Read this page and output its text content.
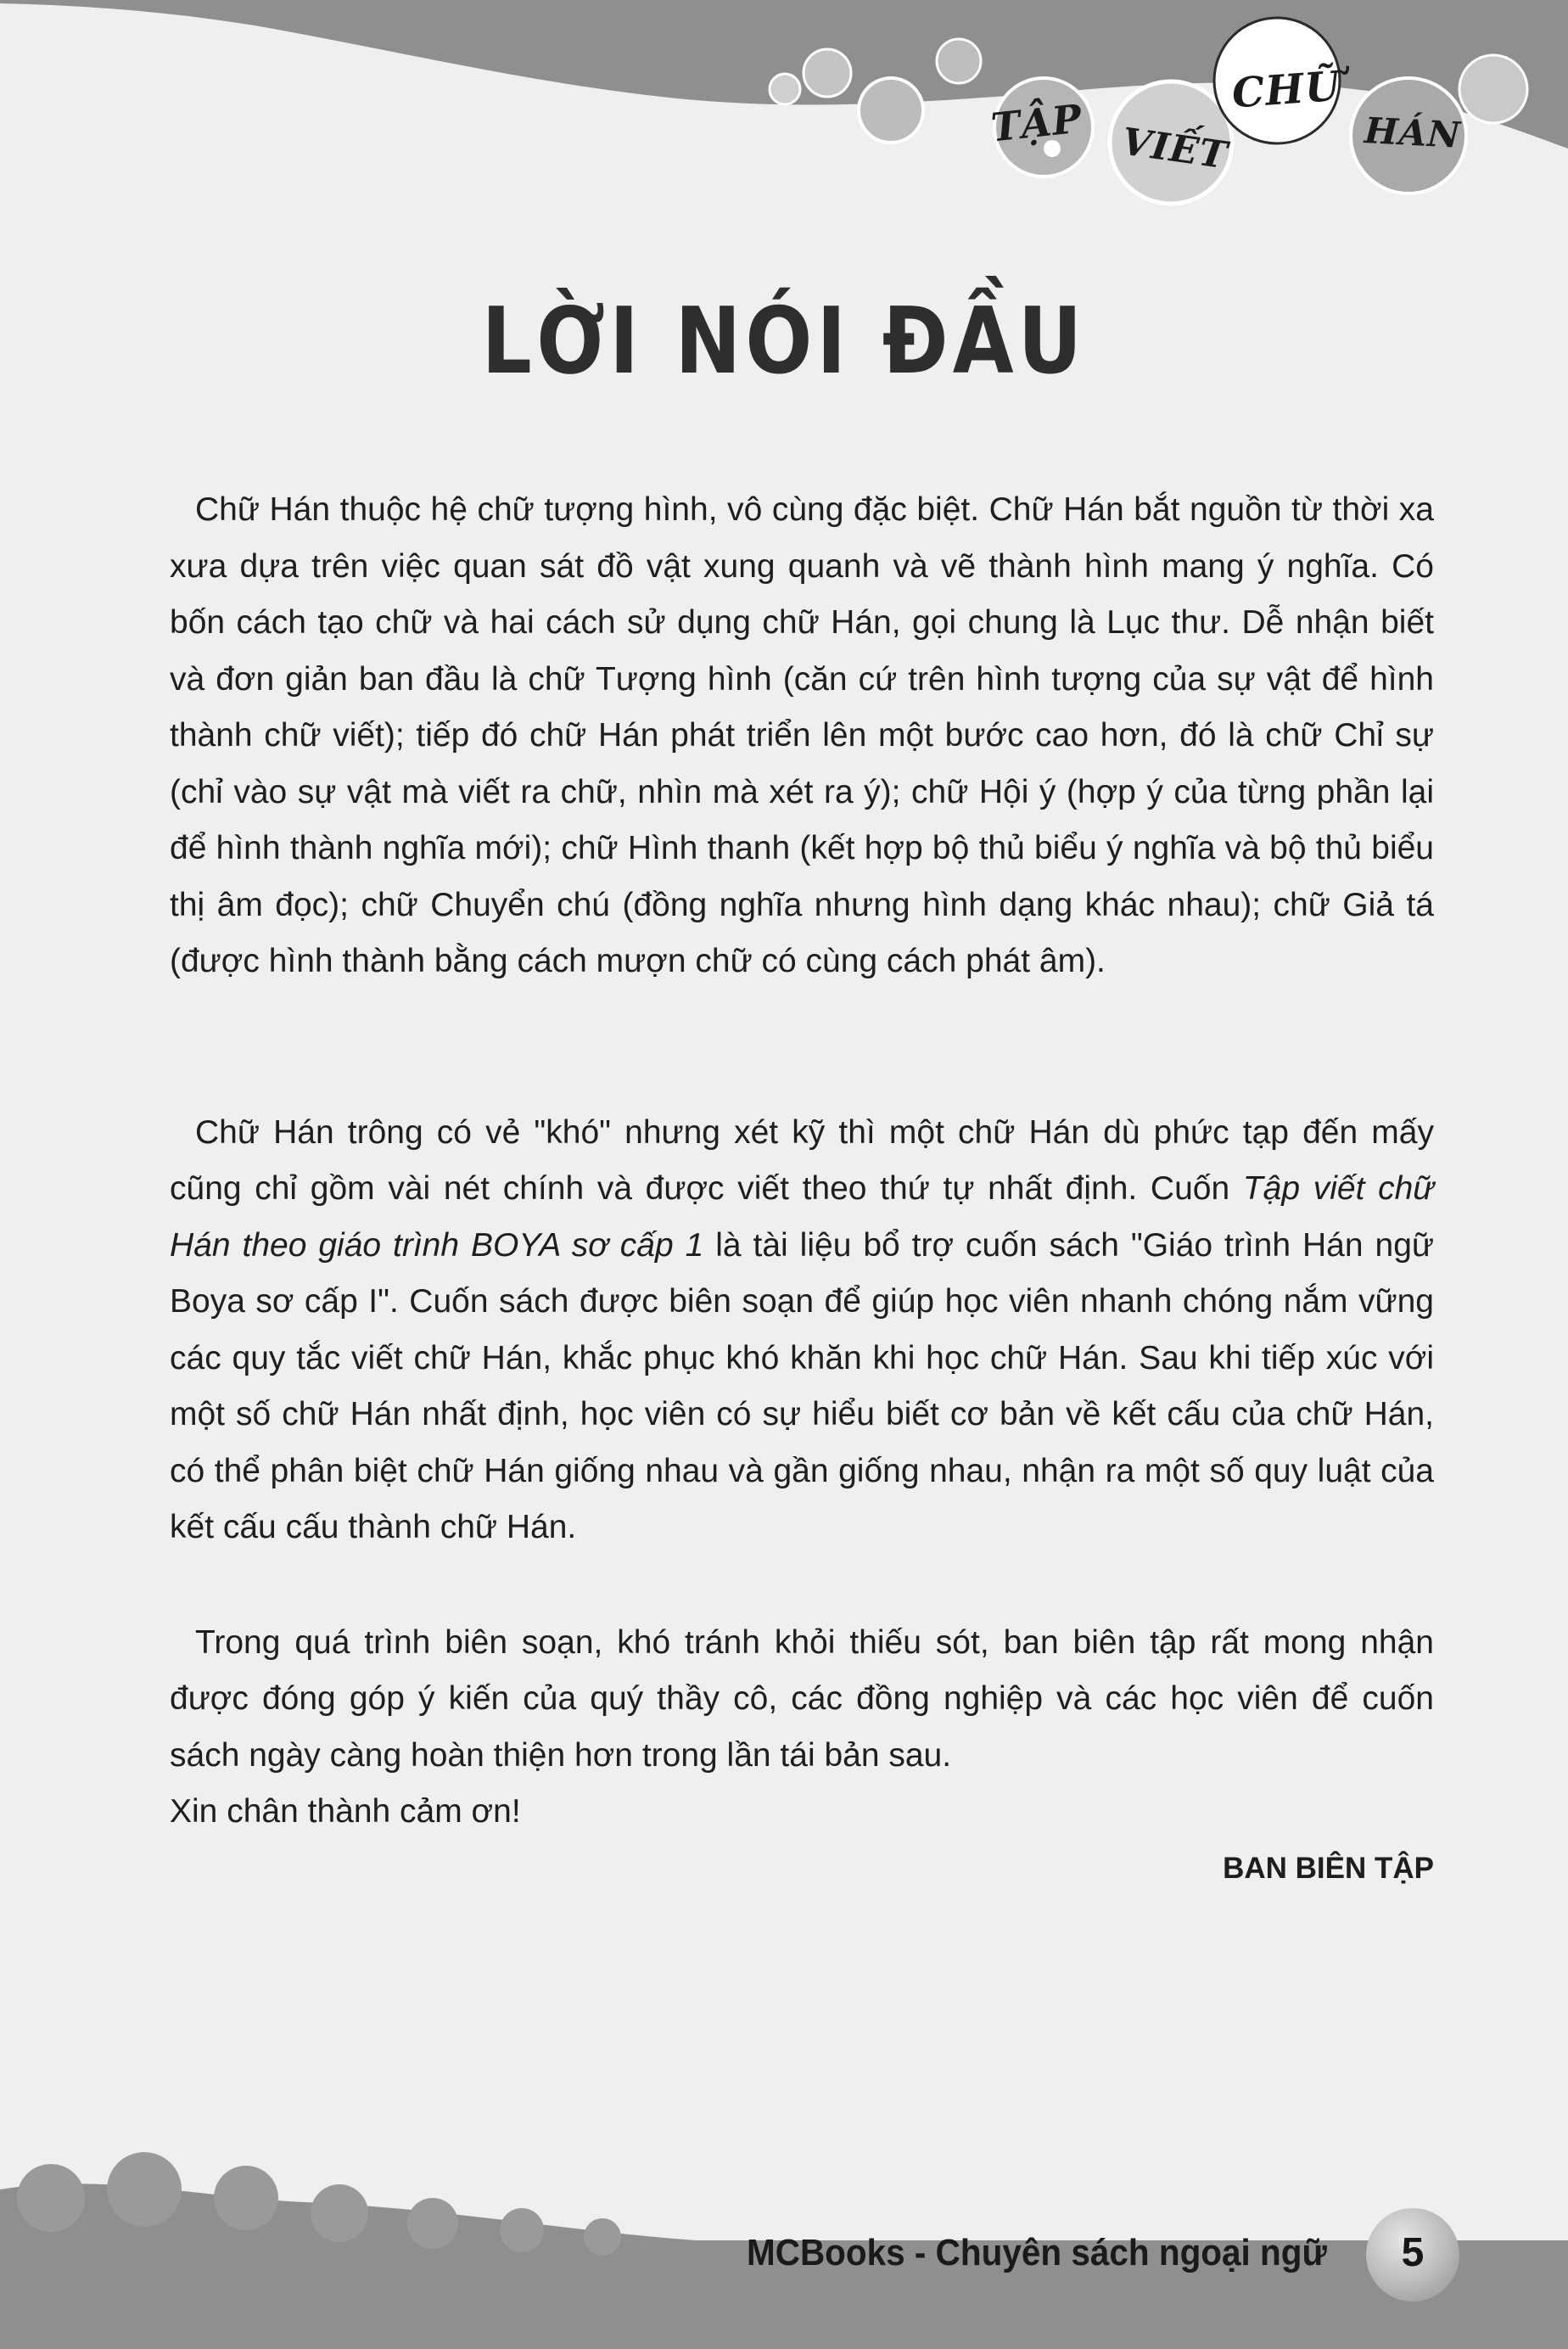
TẬP VIẾT
CHỮ
HÁN
LỜI NÓI ĐẦU

Chữ Hán thuộc hệ chữ tượng hình, vô cùng đặc biệt. Chữ Hán bắt nguồn từ thời xa xưa dựa trên việc quan sát đồ vật xung quanh và vẽ thành hình mang ý nghĩa. Có bốn cách tạo chữ và hai cách sử dụng chữ Hán, gọi chung là Lục thư. Dễ nhận biết và đơn giản ban đầu là chữ Tượng hình (căn cứ trên hình tượng của sự vật để hình thành chữ viết); tiếp đó chữ Hán phát triển lên một bước cao hơn, đó là chữ Chỉ sự (chỉ vào sự vật mà viết ra chữ, nhìn mà xét ra ý); chữ Hội ý (hợp ý của từng phần lại để hình thành nghĩa mới); chữ Hình thanh (kết hợp bộ thủ biểu ý nghĩa và bộ thủ biểu thị âm đọc); chữ Chuyển chú (đồng nghĩa nhưng hình dạng khác nhau); chữ Giả tá (được hình thành bằng cách mượn chữ có cùng cách phát âm).

Chữ Hán trông có vẻ "khó" nhưng xét kỹ thì một chữ Hán dù phức tạp đến mấy cũng chỉ gồm vài nét chính và được viết theo thứ tự nhất định. Cuốn Tập viết chữ Hán theo giáo trình BOYA sơ cấp 1 là tài liệu bổ trợ cuốn sách "Giáo trình Hán ngữ Boya sơ cấp I". Cuốn sách được biên soạn để giúp học viên nhanh chóng nắm vững các quy tắc viết chữ Hán, khắc phục khó khăn khi học chữ Hán. Sau khi tiếp xúc với một số chữ Hán nhất định, học viên có sự hiểu biết cơ bản về kết cấu của chữ Hán, có thể phân biệt chữ Hán giống nhau và gần giống nhau, nhận ra một số quy luật của kết cấu cấu thành chữ Hán.

Trong quá trình biên soạn, khó tránh khỏi thiếu sót, ban biên tập rất mong nhận được đóng góp ý kiến của quý thầy cô, các đồng nghiệp và các học viên để cuốn sách ngày càng hoàn thiện hơn trong lần tái bản sau.

Xin chân thành cảm ơn!

BAN BIÊN TẬP

MCBooks - Chuyên sách ngoại ngữ	5
